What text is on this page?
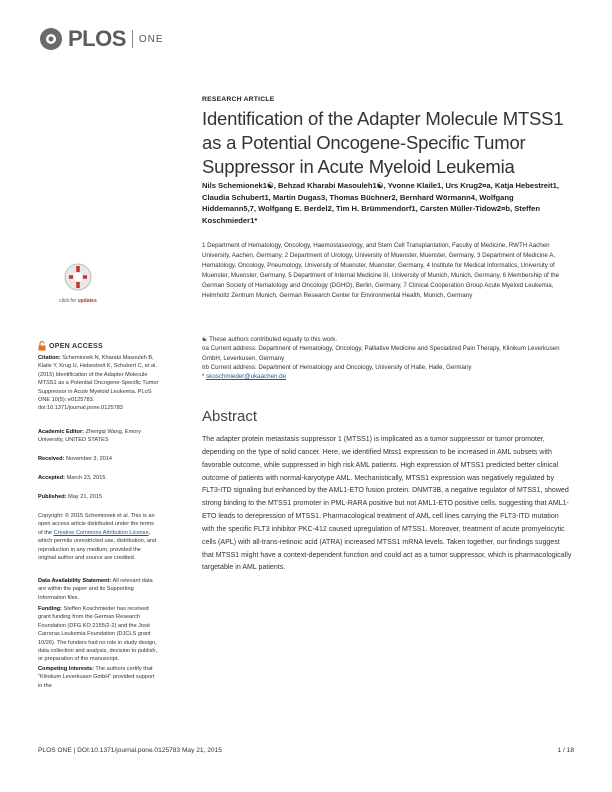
PLOS ONE
click for updates
OPEN ACCESS
Citation: Schemionek N, Kharabi Masouleh B, Klaile Y, Krug U, Hebestreit K, Schubert C, et al. (2015) Identification of the Adapter Molecule MTSS1 as a Potential Oncogene-Specific Tumor Suppressor in Acute Myeloid Leukemia. PLoS ONE 10(5): e0125783. doi:10.1371/journal.pone.0125783
Academic Editor: Zhengqi Wang, Emory University, UNITED STATES
Received: November 3, 2014
Accepted: March 23, 2015
Published: May 21, 2015
Copyright: © 2015 Schemionek et al. This is an open access article distributed under the terms of the Creative Commons Attribution License, which permits unrestricted use, distribution, and reproduction in any medium, provided the original author and source are credited.
Data Availability Statement: All relevant data are within the paper and its Supporting Information files.
Funding: Steffen Koschmieder has received grant funding from the German Research Foundation (DFG KO 2155/2-2) and the José Carreras Leukemia Foundation (DJCLS grant 10/26). The funders had no role in study design, data collection and analysis, decision to publish, or preparation of the manuscript.
Competing Interests: The authors certify that "Klinikum Leverkusen GmbH" provided support in the
RESEARCH ARTICLE
Identification of the Adapter Molecule MTSS1 as a Potential Oncogene-Specific Tumor Suppressor in Acute Myeloid Leukemia
Nils Schemionek1☯, Behzad Kharabi Masouleh1☯, Yvonne Klaile1, Urs Krug2¤a, Katja Hebestreit1, Claudia Schubert1, Martin Dugas3, Thomas Büchner2, Bernhard Wörmann4, Wolfgang Hiddemann5,7, Wolfgang E. Berdel2, Tim H. Brümmendorf1, Carsten Müller-Tidow2¤b, Steffen Koschmieder1*
1 Department of Hematology, Oncology, Haemostaseology, and Stem Cell Transplantation, Faculty of Medicine, RWTH Aachen University, Aachen, Germany, 2 Department of Urology, University of Muenster, Muenster, Germany, 3 Department of Medicine A, Hematology, Oncology, Pneumology, University of Muenster, Muenster, Germany, 4 Institute for Medical Informatics, University of Muenster, Muenster, Germany, 5 Department of Internal Medicine III, University of Munich, Munich, Germany, 6 Membership of the German Society of Hematology and Oncology (DGHO), Berlin, Germany, 7 Clinical Cooperation Group Acute Myeloid Leukemia, Helmholtz Zentrum Munich, German Research Center for Environmental Health, Munich, Germany
☯ These authors contributed equally to this work.
¤a Current address: Department of Hematology, Oncology, Palliative Medicine and Specialized Pain Therapy, Klinikum Leverkusen GmbH, Leverkusen, Germany
¤b Current address: Department of Hematology and Oncology, University of Halle, Halle, Germany
* skoschmieder@ukaachen.de
Abstract
The adapter protein metastasis suppressor 1 (MTSS1) is implicated as a tumor suppressor or tumor promoter, depending on the type of solid cancer. Here, we identified Mtss1 expression to be increased in AML subsets with favorable outcome, while suppressed in high risk AML patients. High expression of MTSS1 predicted better clinical outcome of patients with normal-karyotype AML. Mechanistically, MTSS1 expression was negatively regulated by FLT3-ITD signaling but enhanced by the AML1-ETO fusion protein. DNMT3B, a negative regulator of MTSS1, showed strong binding to the MTSS1 promoter in PML-RARA positive but not AML1-ETO positive cells, suggesting that AML1-ETO leads to derepression of MTSS1. Pharmacological treatment of AML cell lines carrying the FLT3-ITD mutation with the specific FLT3 inhibitor PKC-412 caused upregulation of MTSS1. Moreover, treatment of acute promyelocytic cells (APL) with all-trans-retinoic acid (ATRA) increased MTSS1 mRNA levels. Taken together, our findings suggest that MTSS1 might have a context-dependent function and could act as a tumor suppressor, which is pharmacologically targetable in AML patients.
PLOS ONE | DOI:10.1371/journal.pone.0125783 May 21, 2015	1 / 18
